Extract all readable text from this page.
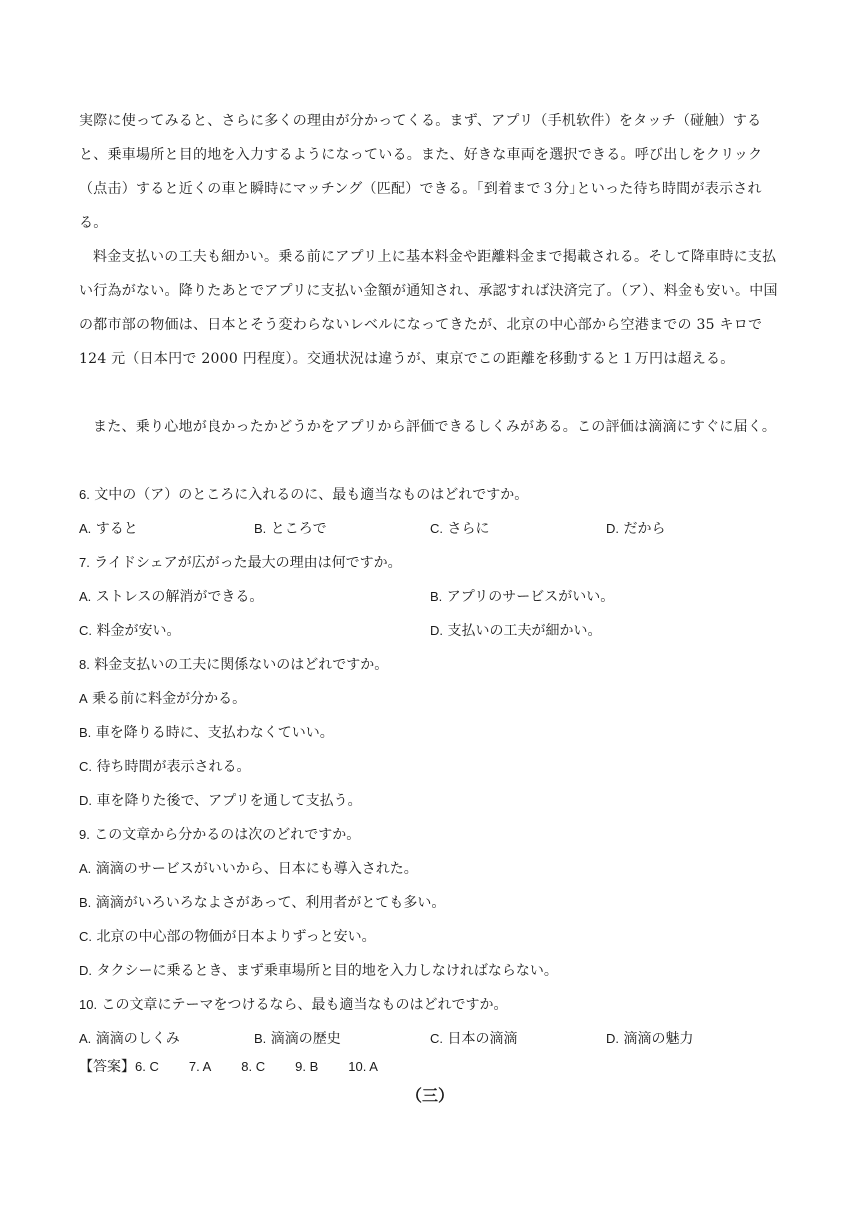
実際に使ってみると、さらに多くの理由が分かってくる。まず、アプリ（手机软件）をタッチ（碰触）すると、乗車場所と目的地を入力するようになっている。また、好きな車両を選択できる。呼び出しをクリック（点击）すると近くの車と瞬時にマッチング（匹配）できる。｢到着まで３分｣といった待ち時間が表示される。

料金支払いの工夫も細かい。乗る前にアプリ上に基本料金や距離料金まで掲載される。そして降車時に支払い行為がない。降りたあとでアプリに支払い金額が通知され、承認すれば決済完了。（ア）、料金も安い。中国の都市部の物価は、日本とそう変わらないレベルになってきたが、北京の中心部から空港までの 35 キロで 124 元（日本円で 2000 円程度）。交通状況は違うが、東京でこの距離を移動すると１万円は超える。

また、乗り心地が良かったかどうかをアプリから評価できるしくみがある。この評価は滴滴にすぐに届く。

6. 文中の（ア）のところに入れるのに、最も適当なものはどれですか。
A. すると	B. ところで	C. さらに	D. だから
7. ライドシェアが広がった最大の理由は何ですか。
A. ストレスの解消ができる。	B. アプリのサービスがいい。
C. 料金が安い。	D. 支払いの工夫が細かい。
8. 料金支払いの工夫に関係ないのはどれですか。
A 乗る前に料金が分かる。
B. 車を降りる時に、支払わなくていい。
C. 待ち時間が表示される。
D. 車を降りた後で、アプリを通して支払う。
9. この文章から分かるのは次のどれですか。
A. 滴滴のサービスがいいから、日本にも導入された。
B. 滴滴がいろいろなよさがあって、利用者がとても多い。
C. 北京の中心部の物価が日本よりずっと安い。
D. タクシーに乗るとき、まず乗車場所と目的地を入力しなければならない。
10. この文章にテーマをつけるなら、最も適当なものはどれですか。
A. 滴滴のしくみ	B. 滴滴の歴史	C. 日本の滴滴	D. 滴滴の魅力
【答案】6. C 7. A 8. C 9. B 10. A
（三）
